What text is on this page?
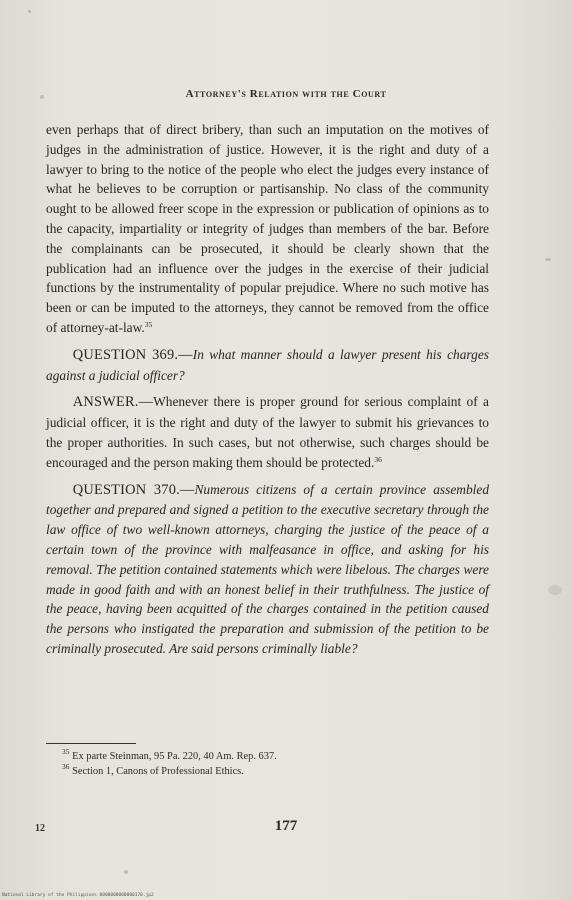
Attorney's Relation with the Court

even perhaps that of direct bribery, than such an imputation on the motives of judges in the administration of justice. However, it is the right and duty of a lawyer to bring to the notice of the people who elect the judges every instance of what he believes to be corruption or partisanship. No class of the community ought to be allowed freer scope in the expression or publication of opinions as to the capacity, impartiality or integrity of judges than members of the bar. Before the complainants can be prosecuted, it should be clearly shown that the publication had an influence over the judges in the exercise of their judicial functions by the instrumentality of popular prejudice. Where no such motive has been or can be imputed to the attorneys, they cannot be removed from the office of attorney-at-law.$^{35}$

QUESTION 369.—In what manner should a lawyer present his charges against a judicial officer?

ANSWER.—Whenever there is proper ground for serious complaint of a judicial officer, it is the right and duty of the lawyer to submit his grievances to the proper authorities. In such cases, but not otherwise, such charges should be encouraged and the person making them should be protected.$^{36}$

QUESTION 370.—Numerous citizens of a certain province assembled together and prepared and signed a petition to the executive secretary through the law office of two well-known attorneys, charging the justice of the peace of a certain town of the province with malfeasance in office, and asking for his removal. The petition contained statements which were libelous. The charges were made in good faith and with an honest belief in their truthfulness. The justice of the peace, having been acquitted of the charges contained in the petition caused the persons who instigated the preparation and submission of the petition to be criminally prosecuted. Are said persons criminally liable?

$^{35}$ Ex parte Steinman, 95 Pa. 220, 40 Am. Rep. 637.
$^{36}$ Section 1, Canons of Professional Ethics.
12	177
National Library of the Philippines 0000000000000178.jp2
